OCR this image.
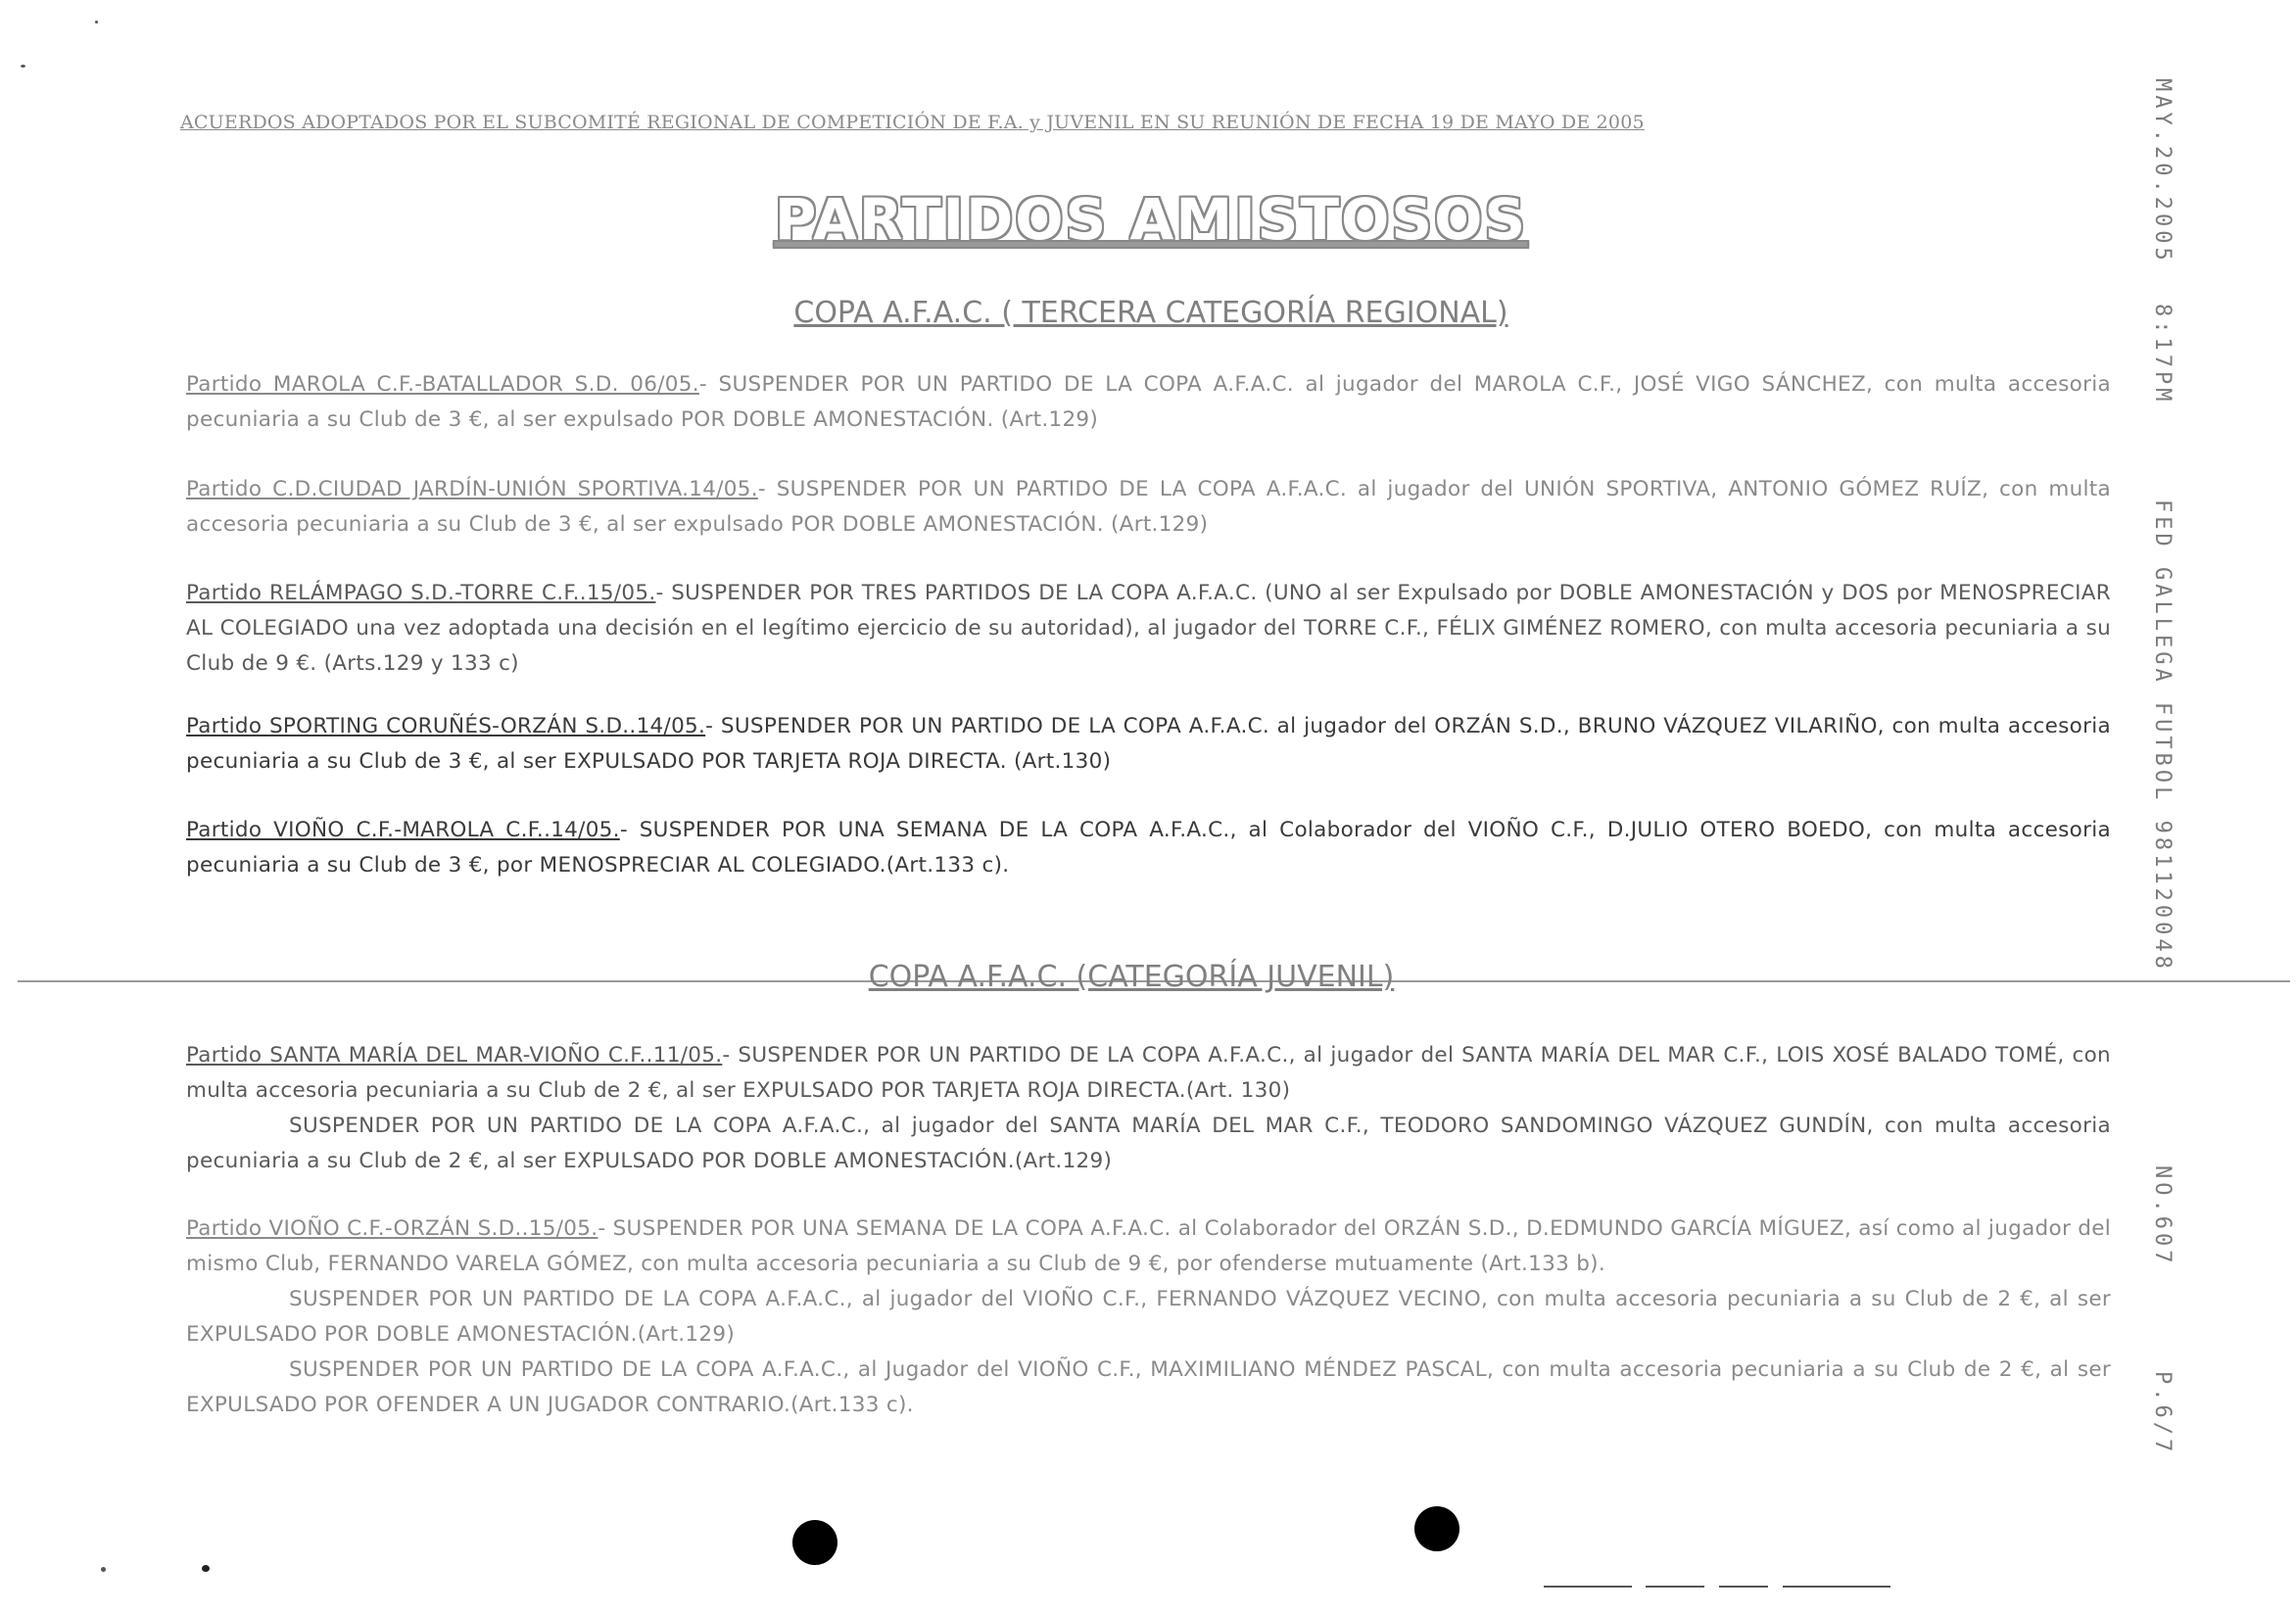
ACUERDOS ADOPTADOS POR EL SUBCOMITÉ REGIONAL DE COMPETICIÓN DE F.A. y JUVENIL EN SU REUNIÓN DE FECHA 19 DE MAYO DE 2005
PARTIDOS AMISTOSOS
COPA A.F.A.C. ( TERCERA CATEGORÍA REGIONAL)
Partido MAROLA C.F.-BATALLADOR S.D. 06/05.- SUSPENDER POR UN PARTIDO DE LA COPA A.F.A.C. al jugador del MAROLA C.F., JOSÉ VIGO SÁNCHEZ, con multa accesoria pecuniaria a su Club de 3 €, al ser expulsado POR DOBLE AMONESTACIÓN. (Art.129)
Partido C.D.CIUDAD JARDÍN-UNIÓN SPORTIVA.14/05.- SUSPENDER POR UN PARTIDO DE LA COPA A.F.A.C. al jugador del UNIÓN SPORTIVA, ANTONIO GÓMEZ RUÍZ, con multa accesoria pecuniaria a su Club de 3 €, al ser expulsado POR DOBLE AMONESTACIÓN. (Art.129)
Partido RELÁMPAGO S.D.-TORRE C.F..15/05.- SUSPENDER POR TRES PARTIDOS DE LA COPA A.F.A.C. (UNO al ser Expulsado por DOBLE AMONESTACIÓN y DOS por MENOSPRECIAR AL COLEGIADO una vez adoptada una decisión en el legítimo ejercicio de su autoridad), al jugador del TORRE C.F., FÉLIX GIMÉNEZ ROMERO, con multa accesoria pecuniaria a su Club de 9 €. (Arts.129 y 133 c)
Partido SPORTING CORUÑÉS-ORZÁN S.D..14/05.- SUSPENDER POR UN PARTIDO DE LA COPA A.F.A.C. al jugador del ORZÁN S.D., BRUNO VÁZQUEZ VILARIÑO, con multa accesoria pecuniaria a su Club de 3 €, al ser EXPULSADO POR TARJETA ROJA DIRECTA. (Art.130)
Partido VIOÑO C.F.-MAROLA C.F..14/05.- SUSPENDER POR UNA SEMANA DE LA COPA A.F.A.C., al Colaborador del VIOÑO C.F., D.JULIO OTERO BOEDO, con multa accesoria pecuniaria a su Club de 3 €, por MENOSPRECIAR AL COLEGIADO.(Art.133 c).
COPA A.F.A.C. (CATEGORÍA JUVENIL)

Partido SANTA MARÍA DEL MAR-VIOÑO C.F..11/05.- SUSPENDER POR UN PARTIDO DE LA COPA A.F.A.C., al jugador del SANTA MARÍA DEL MAR C.F., LOIS XOSÉ BALADO TOMÉ, con multa accesoria pecuniaria a su Club de 2 €, al ser EXPULSADO POR TARJETA ROJA DIRECTA.(Art. 130)

SUSPENDER POR UN PARTIDO DE LA COPA A.F.A.C., al jugador del SANTA MARÍA DEL MAR C.F., TEODORO SANDOMINGO VÁZQUEZ GUNDÍN, con multa accesoria pecuniaria a su Club de 2 €, al ser EXPULSADO POR DOBLE AMONESTACIÓN.(Art.129)

Partido VIOÑO C.F.-ORZÁN S.D..15/05.- SUSPENDER POR UNA SEMANA DE LA COPA A.F.A.C. al Colaborador del ORZÁN S.D., D.EDMUNDO GARCÍA MÍGUEZ, así como al jugador del mismo Club, FERNANDO VARELA GÓMEZ, con multa accesoria pecuniaria a su Club de 9 €, por ofenderse mutuamente (Art.133 b).

SUSPENDER POR UN PARTIDO DE LA COPA A.F.A.C., al jugador del VIOÑO C.F., FERNANDO VÁZQUEZ VECINO, con multa accesoria pecuniaria a su Club de 2 €, al ser EXPULSADO POR DOBLE AMONESTACIÓN.(Art.129)

SUSPENDER POR UN PARTIDO DE LA COPA A.F.A.C., al Jugador del VIOÑO C.F., MAXIMILIANO MÉNDEZ PASCAL, con multa accesoria pecuniaria a su Club de 2 €, al ser EXPULSADO POR OFENDER A UN JUGADOR CONTRARIO.(Art.133 c).

MAY.20.2005
8:17PM
FED GALLEGA FUTBOL 981120048
NO.607
P.6/7
